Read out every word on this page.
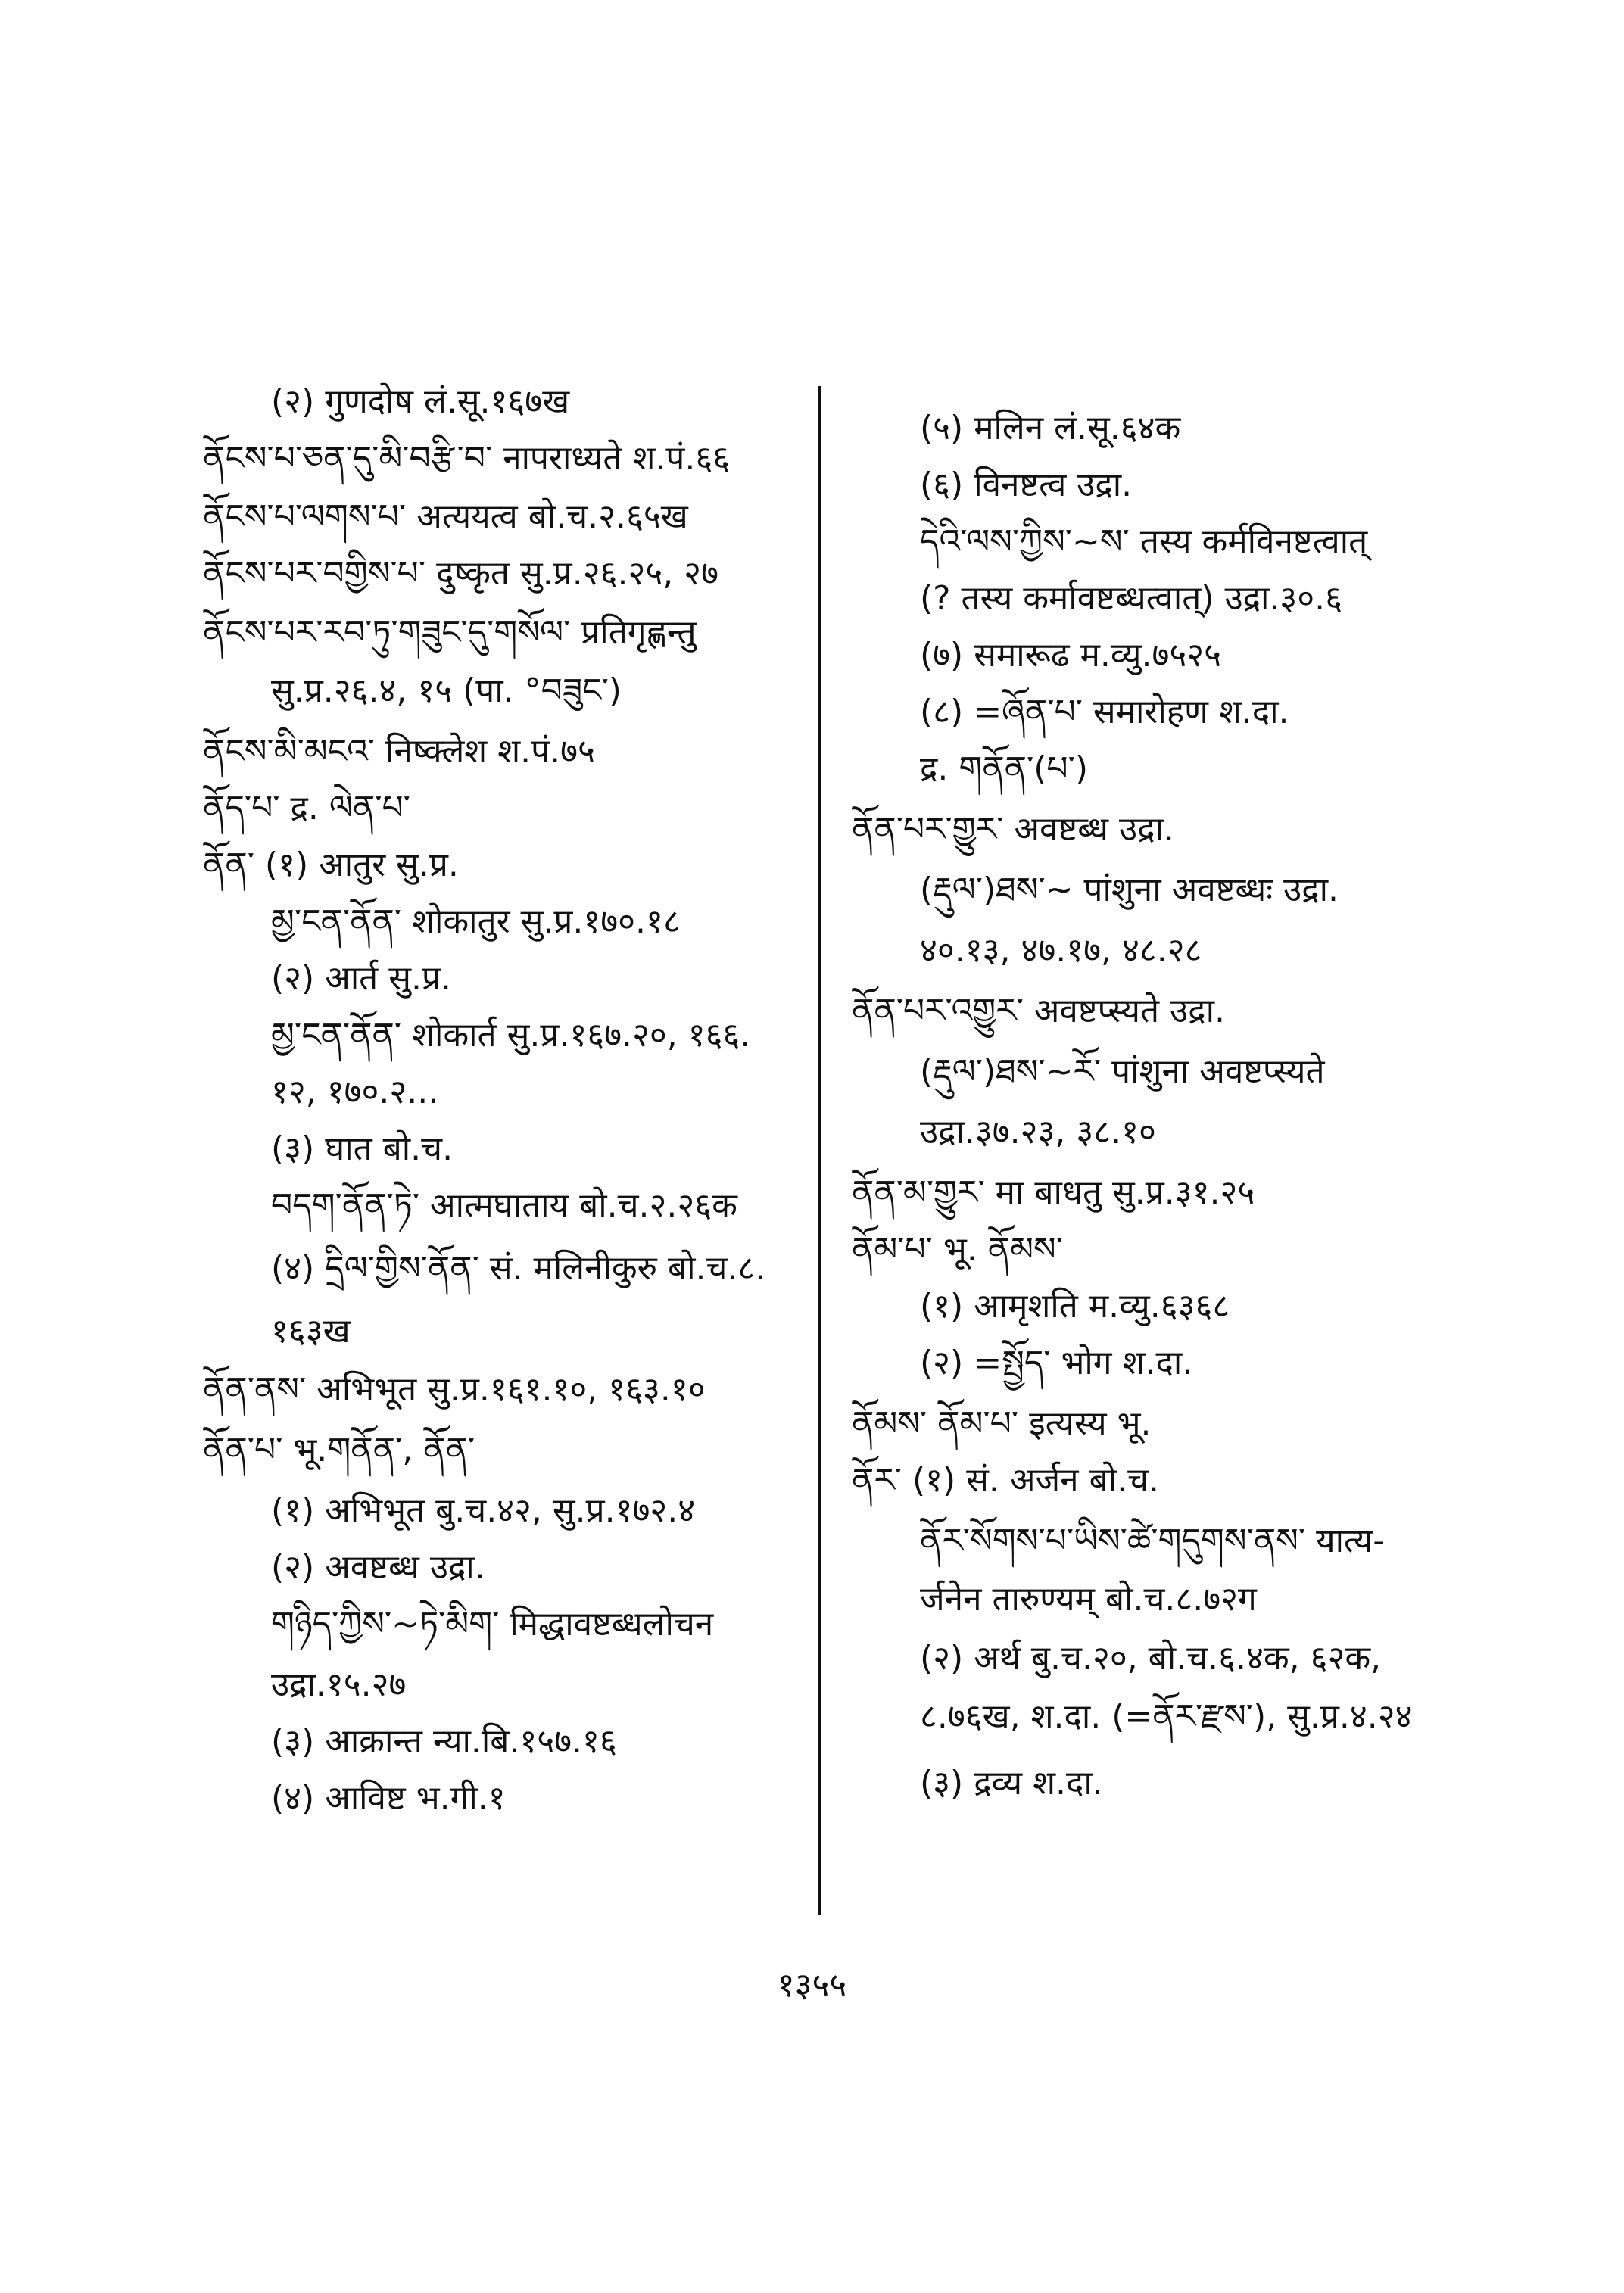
(२) गुणदोष लं.सू.१६७ख
ནོངས་པ་ཅན་དུ་མི་བརྩི་བ་ नापराध्यते श.पं.६६
ནོངས་པ་ལགས་པ་ अत्ययत्व बो.च.२.६५ख
ནོངས་པར་བགྱིས་པ་ दुष्कृत सु.प्र.२६.२५, २७
ནོངས་པར་རབ་ཏུ་གཟུང་དུ་གསོལ་ प्रतिगृह्णन्तु
सु.प्र.२६.४, १५ (पा. °བཟུང་)
ནོངས་མི་མངའ་ निष्क्लेश श.पं.७५
ནོད་པ་ द्र. ལེན་པ་
ནོན་ (१) आतुर सु.प्र.
མྱ་ངན་ནོན་ शोकातुर सु.प्र.१७०.१८
(२) आर्त सु.प्र.
མྱ་ངན་ནོན་ शोकार्त सु.प्र.१६७.२०, १६६.
१२, १७०.२...
(३) घात बो.च.
བདག་ནོན་ཏེ་ आत्मघाताय बो.च.२.२६क
(४) དྲིལ་གྱིས་ནོན་ सं. मलिनीकुरु बो.च.८.
१६३ख
ནོན་ནས་ अभिभूत सु.प्र.१६१.१०, १६३.१०
ནོན་པ་ भू.གནོན་, ནོན་
(१) अभिभूत बु.च.४२, सु.प्र.१७२.४
(२) अवष्टब्ध उद्रा.
གཉིད་ཀྱིས་~ཏེ་མིག་ मिद्धावष्टब्धलोचन
उद्रा.१५.२७
(३) आक्रान्त न्या.बि.१५७.१६
(४) आविष्ट भ.गी.१
(५) मलिन लं.सू.६४क
(६) विनष्टत्व उद्रा.
དེའི་ལས་ཀྱིས་~ས་ तस्य कर्मविनष्टत्वात्
(? तस्य कर्मावष्टब्धत्वात्) उद्रा.३०.६
(७) समारूढ म.व्यु.७५२५
(८) =ཞོན་པ་ समारोहण श.दा.
द्र. གནོན་(པ་)
ནོན་པར་གྱུར་ अवष्टब्ध उद्रा.
(རྡུལ་)ཐས་~ पांशुना अवष्टब्धः उद्रा.
४०.१३, ४७.१७, ४८.२८
ནོན་པར་འགྱུར་ अवष्टप्स्यते उद्रा.
(རྡུལ་)ཐས་~རོ་ पांशुना अवष्टप्स्यते
उद्रा.३७.२३, ३८.१०
ནོན་མ་གྱུར་ मा बाधतु सु.प्र.३१.२५
ནོམ་པ་ भू. ནོམས་
(१) आमृशति म.व्यु.६३६८
(२) =སྤྱོད་ भोग श.दा.
ནོམས་ ནོམ་པ་ इत्यस्य भू.
ནོར་ (१) सं. अर्जन बो.च.
ནོར་སོགས་པ་ཡིས་ཚེ་གདུགས་ནས་ यात्य-
र्जनेन तारुण्यम् बो.च.८.७२ग
(२) अर्थ बु.च.२०, बो.च.६.४क, ६२क,
८.७६ख, श.दा. (=ནོར་རྫས་), सु.प्र.४.२४
(३) द्रव्य श.दा.
१३५५
